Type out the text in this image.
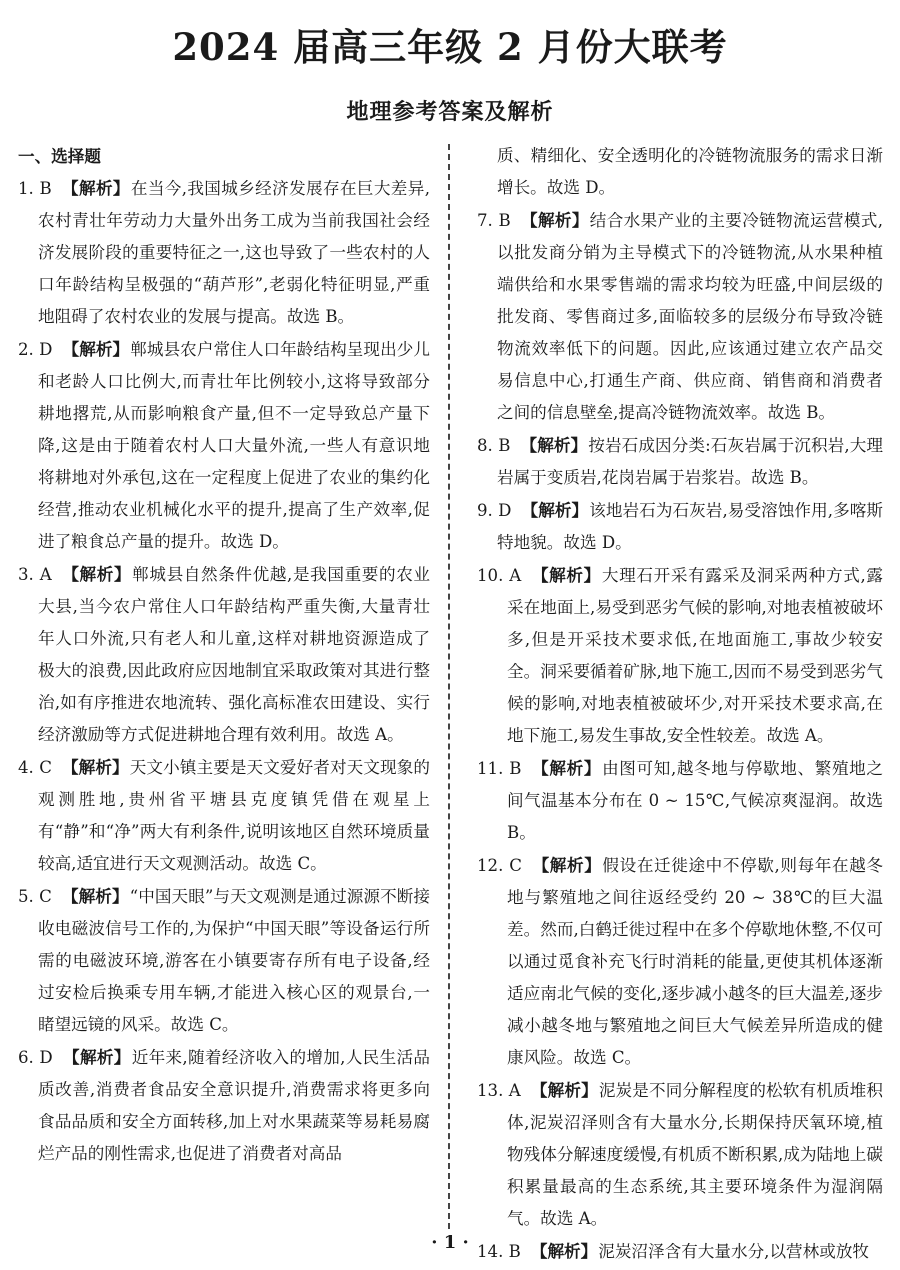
2024 届高三年级 2 月份大联考
地理参考答案及解析
一、选择题

1. B 【解析】在当今,我国城乡经济发展存在巨大差异,农村青壮年劳动力大量外出务工成为当前我国社会经济发展阶段的重要特征之一,这也导致了一些农村的人口年龄结构呈极强的“葫芦形”,老弱化特征明显,严重地阻碍了农村农业的发展与提高。故选 B。

2. D 【解析】郸城县农户常住人口年龄结构呈现出少儿和老龄人口比例大,而青壮年比例较小,这将导致部分耕地撂荒,从而影响粮食产量,但不一定导致总产量下降,这是由于随着农村人口大量外流,一些人有意识地将耕地对外承包,这在一定程度上促进了农业的集约化经营,推动农业机械化水平的提升,提高了生产效率,促进了粮食总产量的提升。故选 D。

3. A 【解析】郸城县自然条件优越,是我国重要的农业大县,当今农户常住人口年龄结构严重失衡,大量青壮年人口外流,只有老人和儿童,这样对耕地资源造成了极大的浪费,因此政府应因地制宜采取政策对其进行整治,如有序推进农地流转、强化高标准农田建设、实行经济激励等方式促进耕地合理有效利用。故选 A。

4. C 【解析】天文小镇主要是天文爱好者对天文现象的观测胜地,贵州省平塘县克度镇凭借在观星上有“静”和“净”两大有利条件,说明该地区自然环境质量较高,适宜进行天文观测活动。故选 C。

5. C 【解析】“中国天眼”与天文观测是通过源源不断接收电磁波信号工作的,为保护“中国天眼”等设备运行所需的电磁波环境,游客在小镇要寄存所有电子设备,经过安检后换乘专用车辆,才能进入核心区的观景台,一睹望远镜的风采。故选 C。

6. D 【解析】近年来,随着经济收入的增加,人民生活品质改善,消费者食品安全意识提升,消费需求将更多向食品品质和安全方面转移,加上对水果蔬菜等易耗易腐烂产品的刚性需求,也促进了消费者对高品

质、精细化、安全透明化的冷链物流服务的需求日渐增长。故选 D。

7. B 【解析】结合水果产业的主要冷链物流运营模式,以批发商分销为主导模式下的冷链物流,从水果种植端供给和水果零售端的需求均较为旺盛,中间层级的批发商、零售商过多,面临较多的层级分布导致冷链物流效率低下的问题。因此,应该通过建立农产品交易信息中心,打通生产商、供应商、销售商和消费者之间的信息壁垒,提高冷链物流效率。故选 B。

8. B 【解析】按岩石成因分类:石灰岩属于沉积岩,大理岩属于变质岩,花岗岩属于岩浆岩。故选 B。

9. D 【解析】该地岩石为石灰岩,易受溶蚀作用,多喀斯特地貌。故选 D。

10. A 【解析】大理石开采有露采及洞采两种方式,露采在地面上,易受到恶劣气候的影响,对地表植被破坏多,但是开采技术要求低,在地面施工,事故少较安全。洞采要循着矿脉,地下施工,因而不易受到恶劣气候的影响,对地表植被破坏少,对开采技术要求高,在地下施工,易发生事故,安全性较差。故选 A。

11. B 【解析】由图可知,越冬地与停歇地、繁殖地之间气温基本分布在 0 ~ 15℃,气候凉爽湿润。故选 B。

12. C 【解析】假设在迁徙途中不停歇,则每年在越冬地与繁殖地之间往返经受约 20 ~ 38℃的巨大温差。然而,白鹤迁徙过程中在多个停歇地休整,不仅可以通过觅食补充飞行时消耗的能量,更使其机体逐渐适应南北气候的变化,逐步减小越冬的巨大温差,逐步减小越冬地与繁殖地之间巨大气候差异所造成的健康风险。故选 C。

13. A 【解析】泥炭是不同分解程度的松软有机质堆积体,泥炭沼泽则含有大量水分,长期保持厌氧环境,植物残体分解速度缓慢,有机质不断积累,成为陆地上碳积累量最高的生态系统,其主要环境条件为湿润隔气。故选 A。

14. B 【解析】泥炭沼泽含有大量水分,以营林或放牧

· 1 ·
